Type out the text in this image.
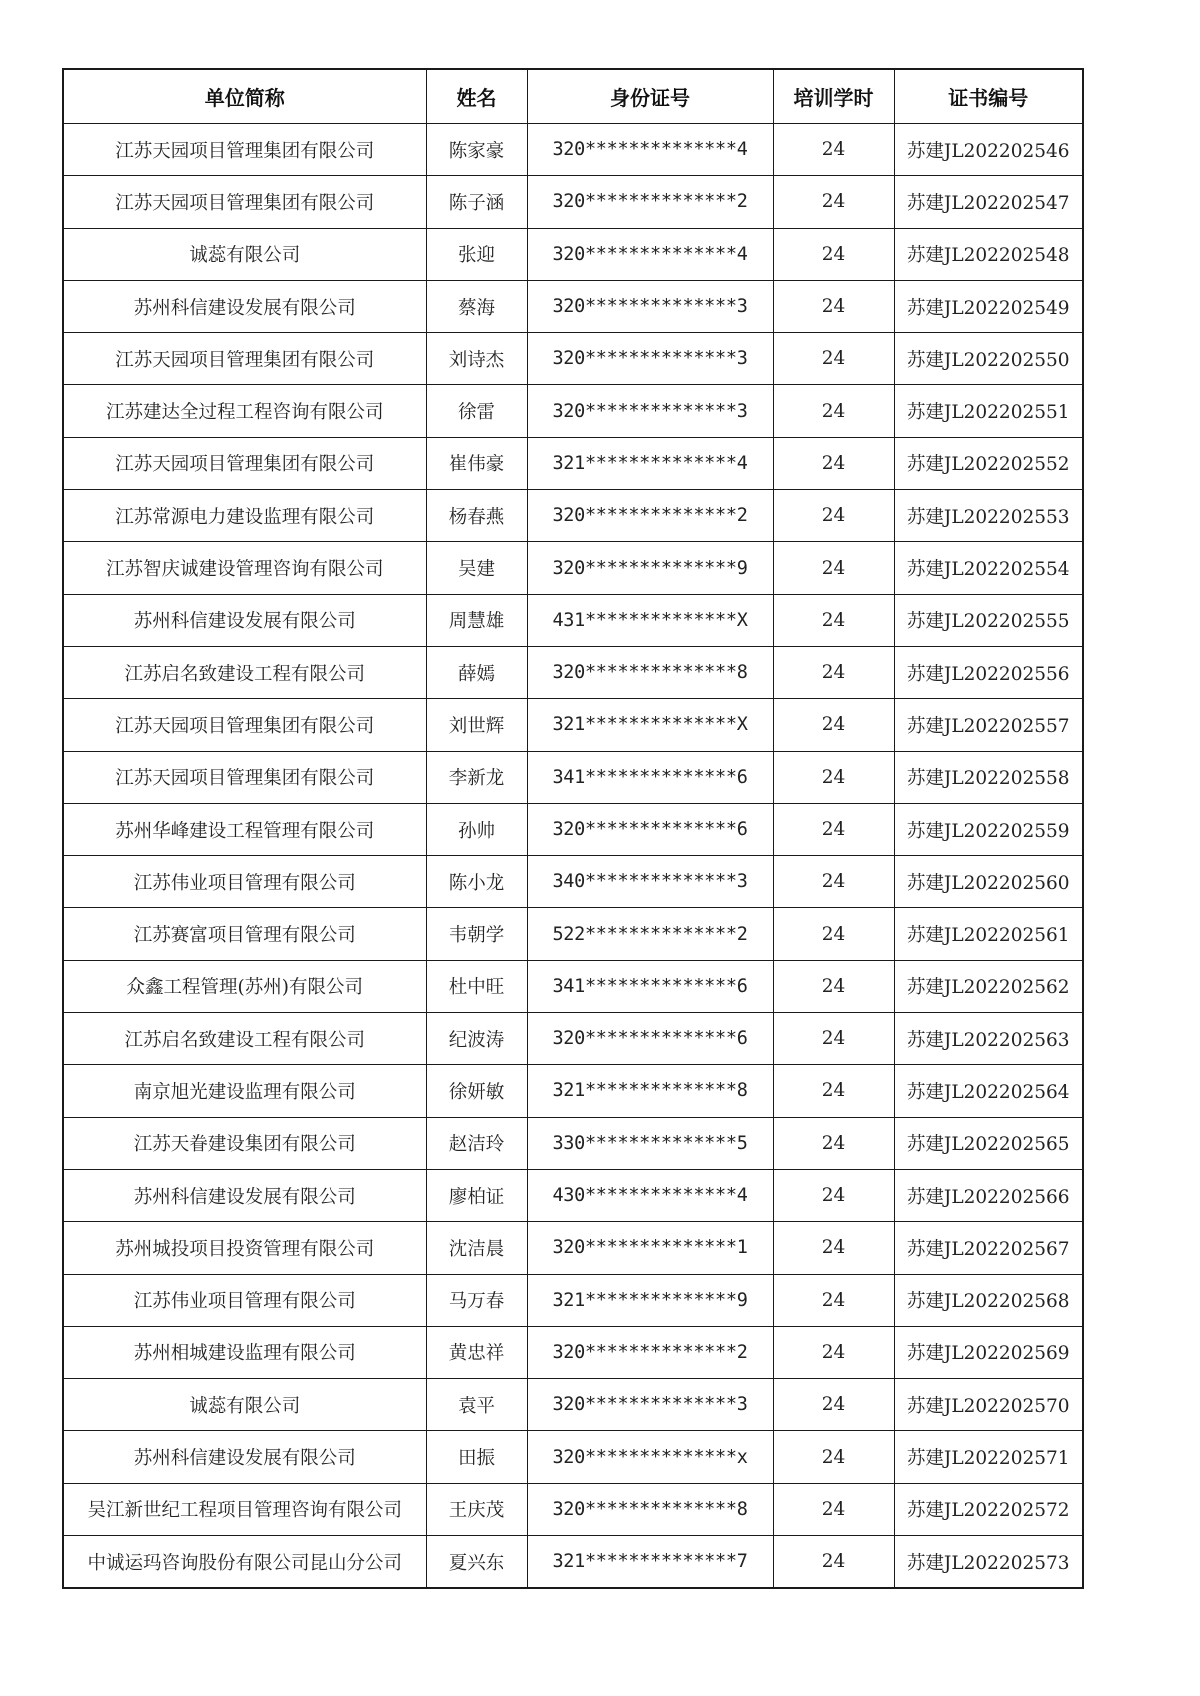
单位简称	姓名	身份证号	培训学时	证书编号
江苏天园项目管理集团有限公司	陈家豪	320**************4	24	苏建JL202202546
江苏天园项目管理集团有限公司	陈子涵	320**************2	24	苏建JL202202547
诚蕊有限公司	张迎	320**************4	24	苏建JL202202548
苏州科信建设发展有限公司	蔡海	320**************3	24	苏建JL202202549
江苏天园项目管理集团有限公司	刘诗杰	320**************3	24	苏建JL202202550
江苏建达全过程工程咨询有限公司	徐雷	320**************3	24	苏建JL202202551
江苏天园项目管理集团有限公司	崔伟豪	321**************4	24	苏建JL202202552
江苏常源电力建设监理有限公司	杨春燕	320**************2	24	苏建JL202202553
江苏智庆诚建设管理咨询有限公司	吴建	320**************9	24	苏建JL202202554
苏州科信建设发展有限公司	周慧雄	431**************X	24	苏建JL202202555
江苏启名致建设工程有限公司	薛嫣	320**************8	24	苏建JL202202556
江苏天园项目管理集团有限公司	刘世辉	321**************X	24	苏建JL202202557
江苏天园项目管理集团有限公司	李新龙	341**************6	24	苏建JL202202558
苏州华峰建设工程管理有限公司	孙帅	320**************6	24	苏建JL202202559
江苏伟业项目管理有限公司	陈小龙	340**************3	24	苏建JL202202560
江苏赛富项目管理有限公司	韦朝学	522**************2	24	苏建JL202202561
众鑫工程管理(苏州)有限公司	杜中旺	341**************6	24	苏建JL202202562
江苏启名致建设工程有限公司	纪波涛	320**************6	24	苏建JL202202563
南京旭光建设监理有限公司	徐妍敏	321**************8	24	苏建JL202202564
江苏天眷建设集团有限公司	赵洁玲	330**************5	24	苏建JL202202565
苏州科信建设发展有限公司	廖柏证	430**************4	24	苏建JL202202566
苏州城投项目投资管理有限公司	沈洁晨	320**************1	24	苏建JL202202567
江苏伟业项目管理有限公司	马万春	321**************9	24	苏建JL202202568
苏州相城建设监理有限公司	黄忠祥	320**************2	24	苏建JL202202569
诚蕊有限公司	袁平	320**************3	24	苏建JL202202570
苏州科信建设发展有限公司	田振	320**************x	24	苏建JL202202571
吴江新世纪工程项目管理咨询有限公司	王庆茂	320**************8	24	苏建JL202202572
中诚运玛咨询股份有限公司昆山分公司	夏兴东	321**************7	24	苏建JL202202573
